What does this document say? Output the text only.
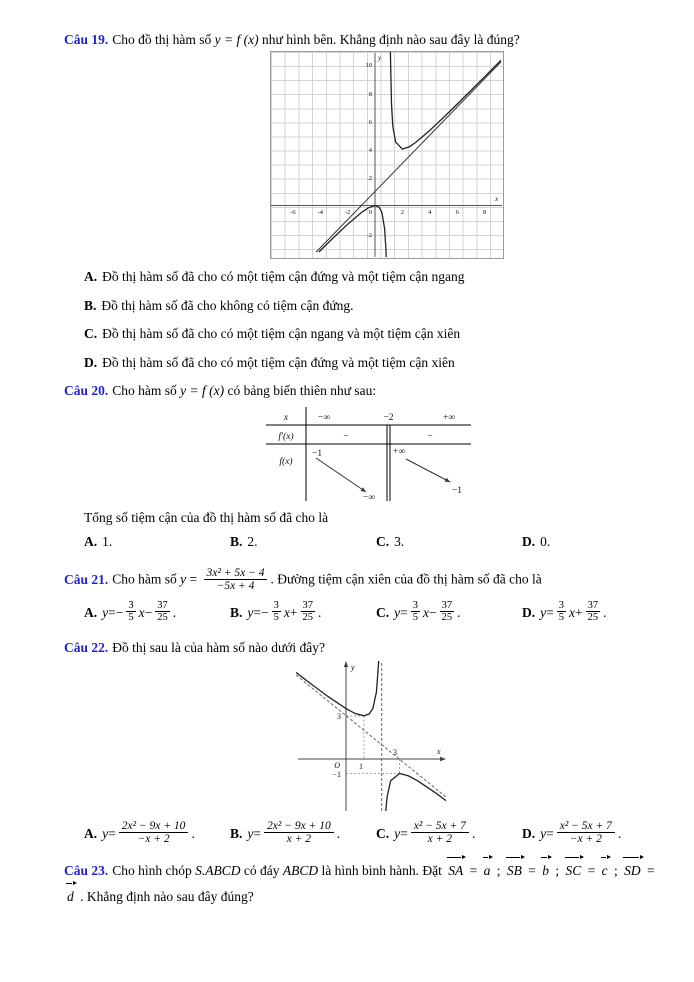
Câu 19. Cho đồ thị hàm số y = f (x) như hình bên. Khẳng định nào sau đây là đúng?
-6	-4	-2	2	4	6	8
0
2
4
6
8
10
-2
x
y
A. Đồ thị hàm số đã cho có một tiệm cận đứng và một tiệm cận ngang
B. Đồ thị hàm số đã cho không có tiệm cận đứng.
C. Đồ thị hàm số đã cho có một tiệm cận ngang và một tiệm cận xiên
D. Đồ thị hàm số đã cho có một tiệm cận đứng và một tiệm cận xiên
Câu 20. Cho hàm số y = f (x) có bảng biến thiên như sau:
x	−∞	−2	+∞
f'(x)	−	−
f(x)
−1
−∞
+∞
−1
Tổng số tiệm cận của đồ thị hàm số đã cho là
A. 1.	B. 2.	C. 3.	D. 0.
Câu 21. Cho hàm số $y = \frac{\text{3x² + 5x − 4}}{-5x + 4}$ . Đường tiệm cận xiên của đồ thị hàm số đã cho là
A. y = − $\frac{3}{5}$ $x - \frac{37}{25}$ .	B. y = − $\frac{3}{5}$ $x + \frac{37}{25}$ .	C. $y = \frac{3}{5}$ $x - \frac{37}{25}$ .	D. $y = \frac{3}{5}$ $x + \frac{37}{25}$ .
Câu 22. Đồ thị sau là của hàm số nào dưới đây?
y
x
O
3
1
3
−1
A. $y = \frac{\text{2x² − 9x + 10}}{-x + 2}$ .	B. $y = \frac{\text{2x² − 9x + 10}}{x + 2}$ .	C. $y = \frac{\text{x² − 5x + 7}}{x + 2}$ .	D. $y = \frac{\text{x² − 5x + 7}}{-x + 2}$ .
Câu 23. Cho hình chóp S.ABCD có đáy ABCD là hình bình hành. Đặt SA = a ; SB = b ; SC = c ; SD = d . Khẳng định nào sau đây đúng?
